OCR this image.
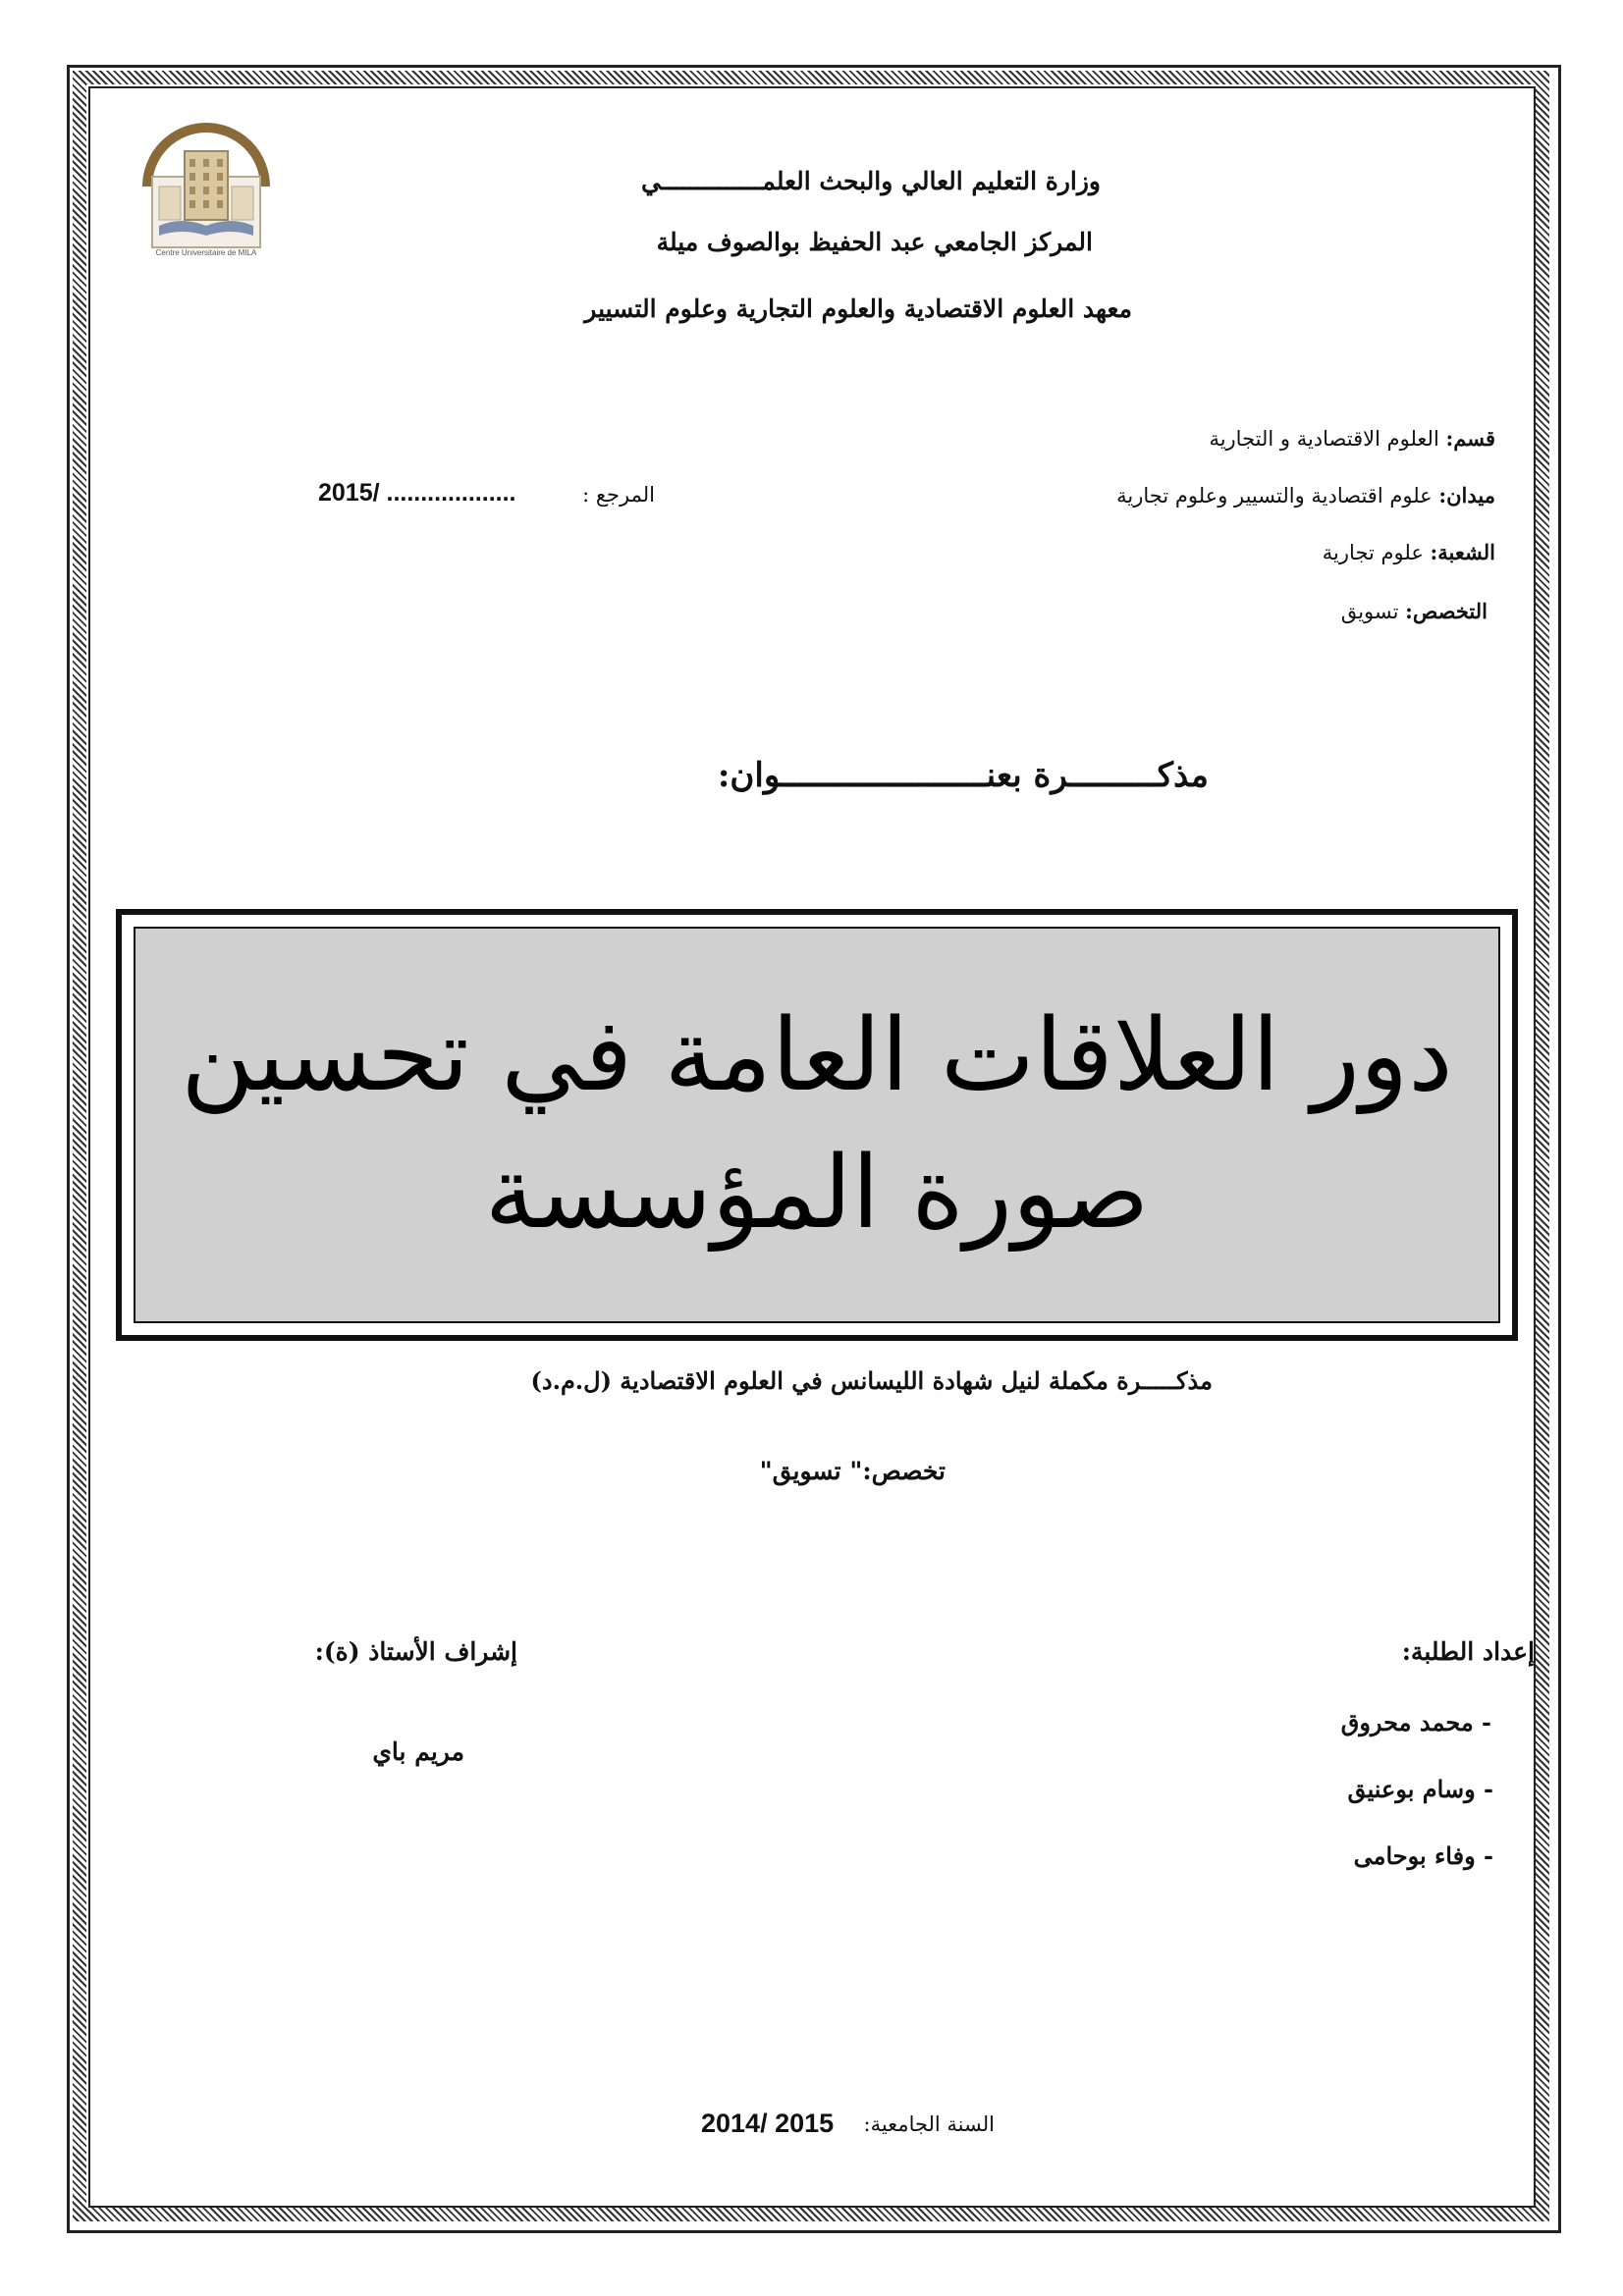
Centre Universitaire de MILA
وزارة التعليم العالي والبحث العلمــــــــــــــي
المركز الجامعي عبد الحفيظ بوالصوف ميلة
معهد العلوم الاقتصادية والعلوم التجارية وعلوم التسيير
قسم: العلوم الاقتصادية و التجارية
ميدان: علوم اقتصادية والتسيير وعلوم تجارية
الشعبة: علوم تجارية
التخصص: تسويق
المرجع :
2015/ ...................
مذكـــــــــرة بعنـــــــــــــــــــــوان:
دور العلاقات العامة في تحسين
صورة المؤسسة
مذكـــــرة مكملة لنيل شهادة الليسانس في العلوم الاقتصادية (ل.م.د)
تخصص:" تسويق"
إعداد الطلبة:
- محمد محروق
- وسام بوعنيق
- وفاء بوحامى
إشراف الأستاذ (ة):
مريم باي
السنة الجامعية:
2014/ 2015
